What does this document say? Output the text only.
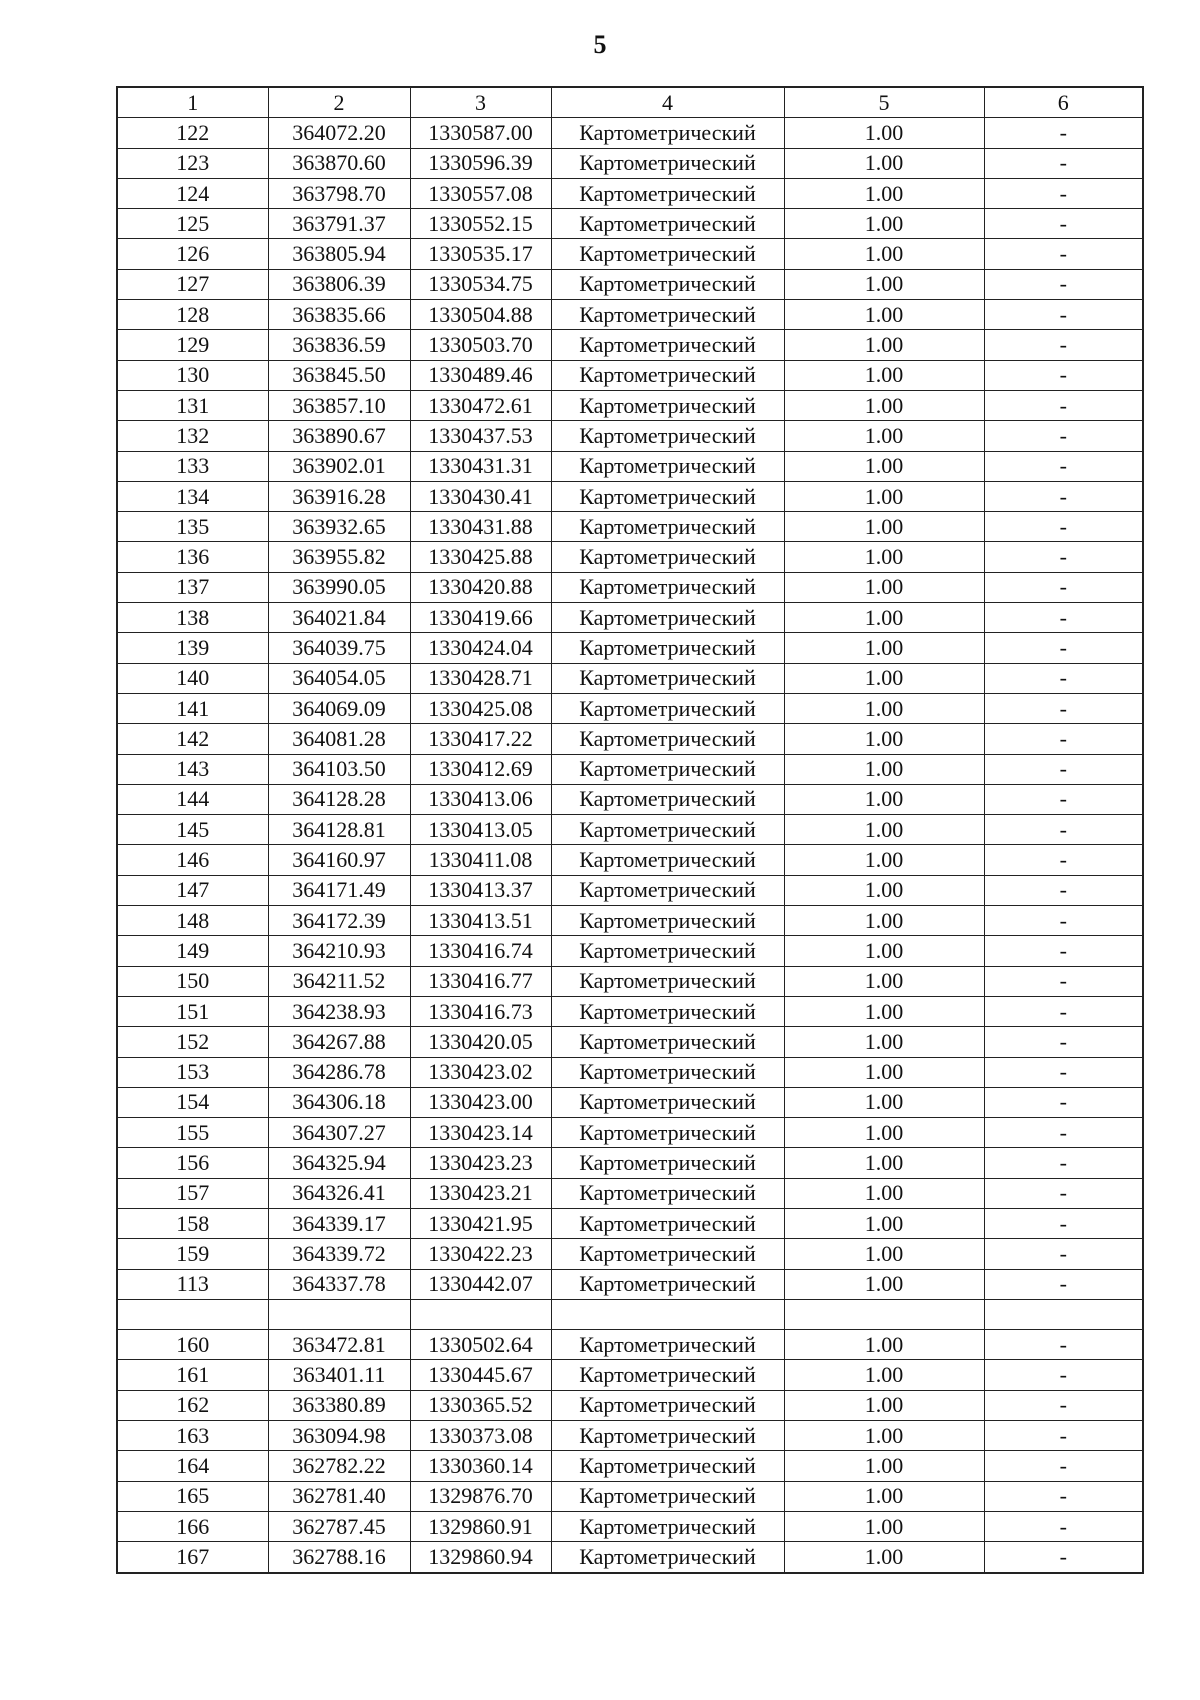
5
1	2	3	4	5	6
122	364072.20	1330587.00	Картометрический	1.00	-
123	363870.60	1330596.39	Картометрический	1.00	-
124	363798.70	1330557.08	Картометрический	1.00	-
125	363791.37	1330552.15	Картометрический	1.00	-
126	363805.94	1330535.17	Картометрический	1.00	-
127	363806.39	1330534.75	Картометрический	1.00	-
128	363835.66	1330504.88	Картометрический	1.00	-
129	363836.59	1330503.70	Картометрический	1.00	-
130	363845.50	1330489.46	Картометрический	1.00	-
131	363857.10	1330472.61	Картометрический	1.00	-
132	363890.67	1330437.53	Картометрический	1.00	-
133	363902.01	1330431.31	Картометрический	1.00	-
134	363916.28	1330430.41	Картометрический	1.00	-
135	363932.65	1330431.88	Картометрический	1.00	-
136	363955.82	1330425.88	Картометрический	1.00	-
137	363990.05	1330420.88	Картометрический	1.00	-
138	364021.84	1330419.66	Картометрический	1.00	-
139	364039.75	1330424.04	Картометрический	1.00	-
140	364054.05	1330428.71	Картометрический	1.00	-
141	364069.09	1330425.08	Картометрический	1.00	-
142	364081.28	1330417.22	Картометрический	1.00	-
143	364103.50	1330412.69	Картометрический	1.00	-
144	364128.28	1330413.06	Картометрический	1.00	-
145	364128.81	1330413.05	Картометрический	1.00	-
146	364160.97	1330411.08	Картометрический	1.00	-
147	364171.49	1330413.37	Картометрический	1.00	-
148	364172.39	1330413.51	Картометрический	1.00	-
149	364210.93	1330416.74	Картометрический	1.00	-
150	364211.52	1330416.77	Картометрический	1.00	-
151	364238.93	1330416.73	Картометрический	1.00	-
152	364267.88	1330420.05	Картометрический	1.00	-
153	364286.78	1330423.02	Картометрический	1.00	-
154	364306.18	1330423.00	Картометрический	1.00	-
155	364307.27	1330423.14	Картометрический	1.00	-
156	364325.94	1330423.23	Картометрический	1.00	-
157	364326.41	1330423.21	Картометрический	1.00	-
158	364339.17	1330421.95	Картометрический	1.00	-
159	364339.72	1330422.23	Картометрический	1.00	-
113	364337.78	1330442.07	Картометрический	1.00	-

160	363472.81	1330502.64	Картометрический	1.00	-
161	363401.11	1330445.67	Картометрический	1.00	-
162	363380.89	1330365.52	Картометрический	1.00	-
163	363094.98	1330373.08	Картометрический	1.00	-
164	362782.22	1330360.14	Картометрический	1.00	-
165	362781.40	1329876.70	Картометрический	1.00	-
166	362787.45	1329860.91	Картометрический	1.00	-
167	362788.16	1329860.94	Картометрический	1.00	-
